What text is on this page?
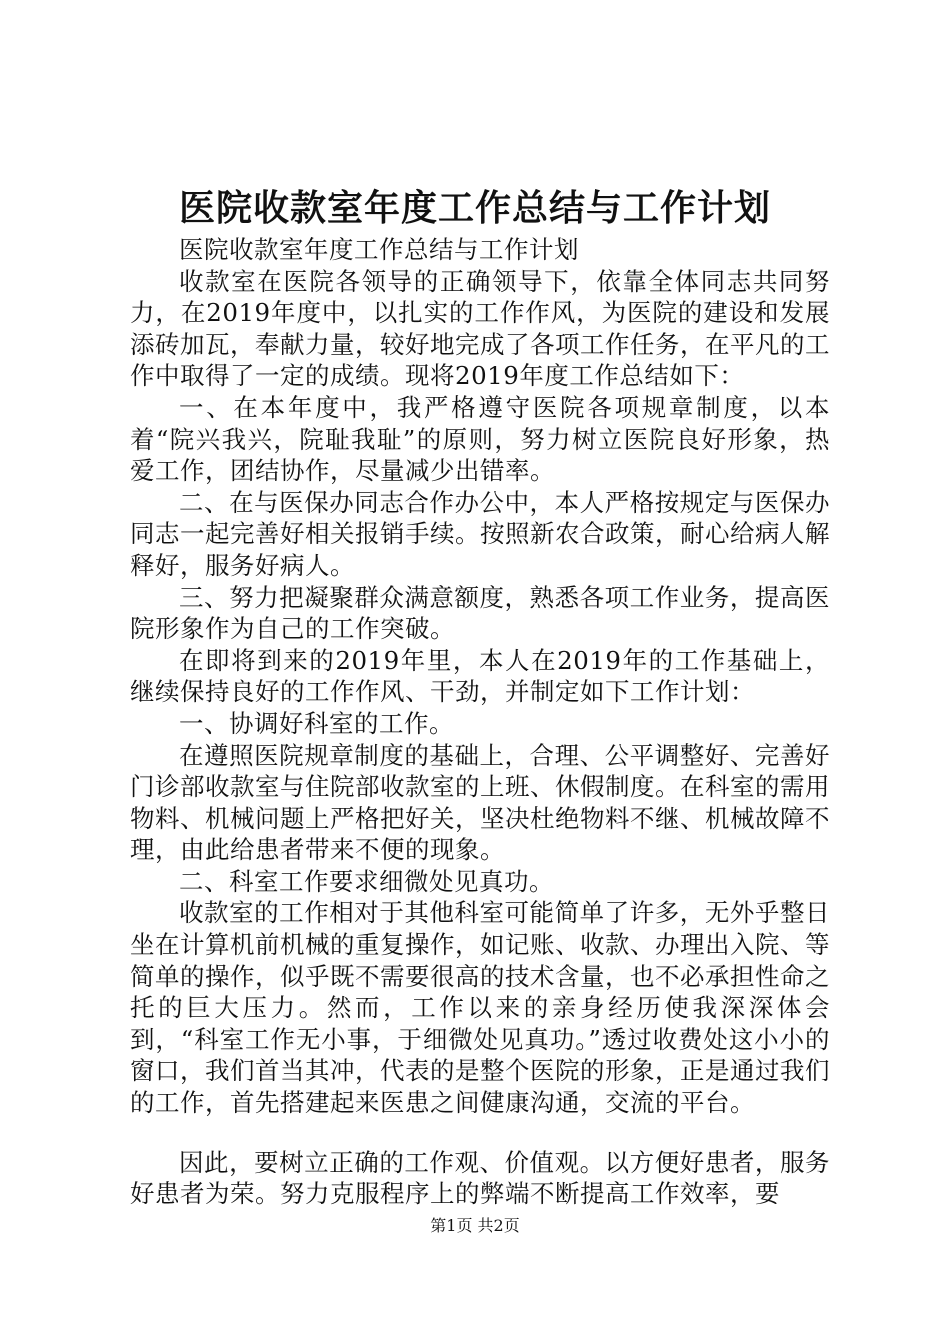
医院收款室年度工作总结与工作计划

医院收款室年度工作总结与工作计划

收款室在医院各领导的正确领导下，依靠全体同志共同努力，在2019年度中，以扎实的工作作风，为医院的建设和发展添砖加瓦，奉献力量，较好地完成了各项工作任务，在平凡的工作中取得了一定的成绩。现将2019年度工作总结如下：

一、在本年度中，我严格遵守医院各项规章制度，以本着“院兴我兴，院耻我耻”的原则，努力树立医院良好形象，热爱工作，团结协作，尽量减少出错率。

二、在与医保办同志合作办公中，本人严格按规定与医保办同志一起完善好相关报销手续。按照新农合政策，耐心给病人解释好，服务好病人。

三、努力把凝聚群众满意额度，熟悉各项工作业务，提高医院形象作为自己的工作突破。

在即将到来的2019年里，本人在2019年的工作基础上，继续保持良好的工作作风、干劲，并制定如下工作计划：

一、协调好科室的工作。

在遵照医院规章制度的基础上，合理、公平调整好、完善好门诊部收款室与住院部收款室的上班、休假制度。在科室的需用物料、机械问题上严格把好关，坚决杜绝物料不继、机械故障不理，由此给患者带来不便的现象。

二、科室工作要求细微处见真功。

收款室的工作相对于其他科室可能简单了许多，无外乎整日坐在计算机前机械的重复操作，如记账、收款、办理出入院、等简单的操作，似乎既不需要很高的技术含量，也不必承担性命之托的巨大压力。然而，工作以来的亲身经历使我深深体会到，“科室工作无小事，于细微处见真功。”透过收费处这小小的窗口，我们首当其冲，代表的是整个医院的形象，正是通过我们的工作，首先搭建起来医患之间健康沟通，交流的平台。

因此，要树立正确的工作观、价值观。以方便好患者，服务好患者为荣。努力克服程序上的弊端不断提高工作效率，要

第1页 共2页
